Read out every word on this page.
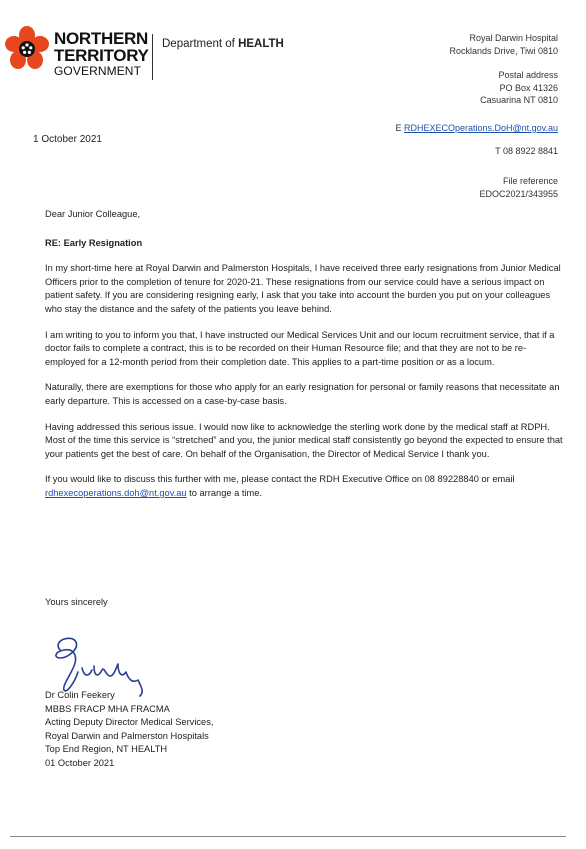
NORTHERN
TERRITORY
GOVERNMENT
Department of HEALTH	Royal Darwin Hospital
Rocklands Drive, Tiwi 0810
Postal address
PO Box 41326
Casuarina NT 0810
E RDHEXECOperations.DoH@nt.gov.au
T 08 8922 8841
File reference
EDOC2021/343955
1 October 2021

Dear Junior Colleague,

RE: Early Resignation

In my short-time here at Royal Darwin and Palmerston Hospitals, I have received three early resignations from Junior Medical Officers prior to the completion of tenure for 2020-21. These resignations from our service could have a serious impact on patient safety. If you are considering resigning early, I ask that you take into account the burden you put on your colleagues who stay the distance and the safety of the patients you leave behind.

I am writing to you to inform you that, I have instructed our Medical Services Unit and our locum recruitment service, that if a doctor fails to complete a contract, this is to be recorded on their Human Resource file; and that they are not to be re-employed for a 12-month period from their completion date. This applies to a part-time position or as a locum.

Naturally, there are exemptions for those who apply for an early resignation for personal or family reasons that necessitate an early departure. This is accessed on a case-by-case basis.

Having addressed this serious issue. I would now like to acknowledge the sterling work done by the medical staff at RDPH. Most of the time this service is “stretched” and you, the junior medical staff consistently go beyond the expected to ensure that your patients get the best of care. On behalf of the Organisation, the Director of Medical Service I thank you.

If you would like to discuss this further with me, please contact the RDH Executive Office on 08 89228840 or email rdhexecoperations.doh@nt.gov.au to arrange a time.

Yours sincerely
Dr Colin Feekery
MBBS FRACP MHA FRACMA
Acting Deputy Director Medical Services,
Royal Darwin and Palmerston Hospitals
Top End Region, NT HEALTH
01 October 2021
